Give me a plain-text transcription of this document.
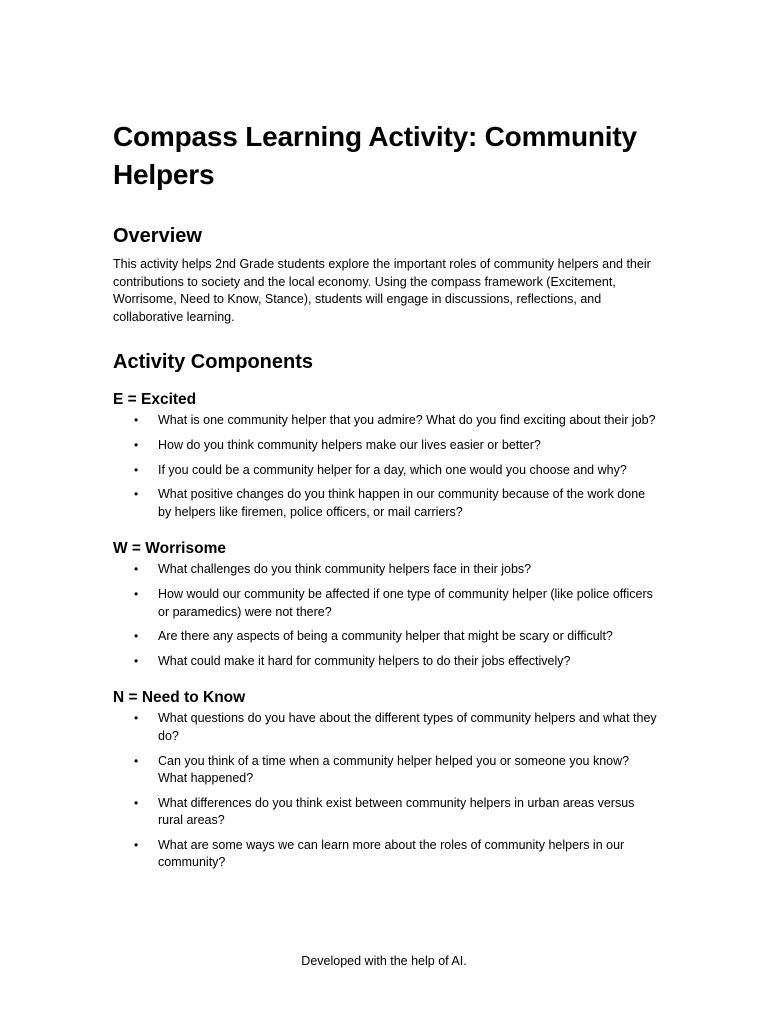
Compass Learning Activity: Community Helpers
Overview

This activity helps 2nd Grade students explore the important roles of community helpers and their contributions to society and the local economy. Using the compass framework (Excitement, Worrisome, Need to Know, Stance), students will engage in discussions, reflections, and collaborative learning.

Activity Components
E = Excited
• What is one community helper that you admire? What do you find exciting about their job?
• How do you think community helpers make our lives easier or better?
• If you could be a community helper for a day, which one would you choose and why?
• What positive changes do you think happen in our community because of the work done by helpers like firemen, police officers, or mail carriers?
W = Worrisome
• What challenges do you think community helpers face in their jobs?
• How would our community be affected if one type of community helper (like police officers or paramedics) were not there?
• Are there any aspects of being a community helper that might be scary or difficult?
• What could make it hard for community helpers to do their jobs effectively?
N = Need to Know
• What questions do you have about the different types of community helpers and what they do?
• Can you think of a time when a community helper helped you or someone you know? What happened?
• What differences do you think exist between community helpers in urban areas versus rural areas?
• What are some ways we can learn more about the roles of community helpers in our community?
Developed with the help of AI.
